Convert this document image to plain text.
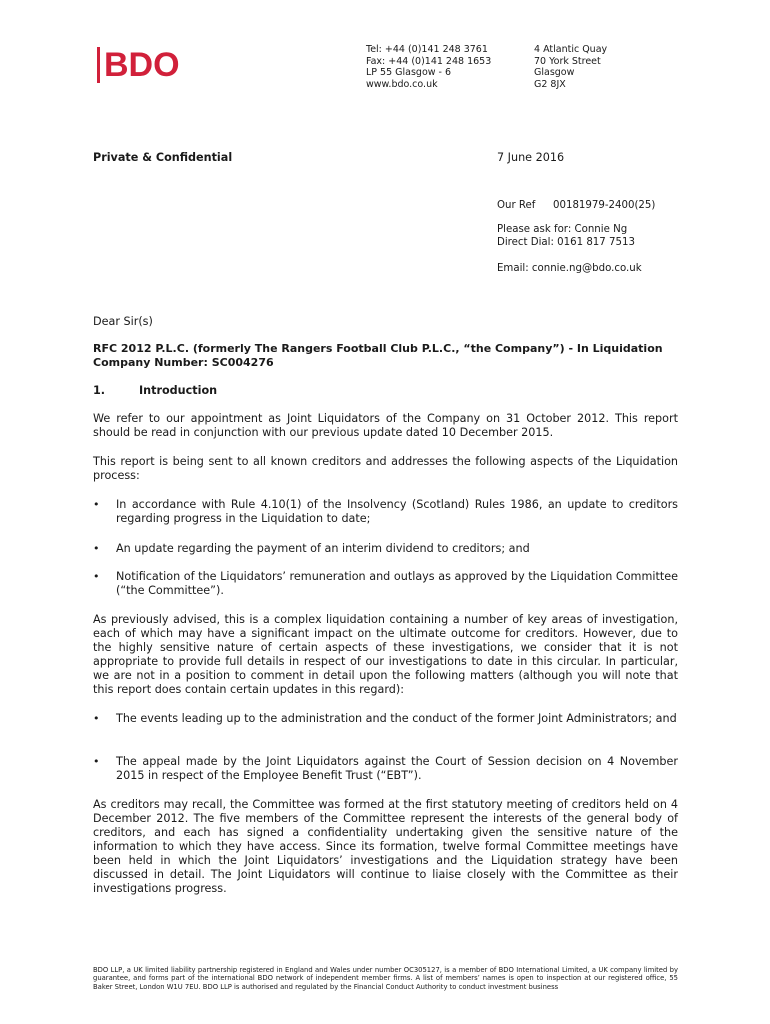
BDO	Tel: +44 (0)141 248 3761
Fax: +44 (0)141 248 1653
LP 55 Glasgow - 6
www.bdo.co.uk
4 Atlantic Quay
70 York Street
Glasgow
G2 8JX
Private & Confidential	7 June 2016
Our Ref 00181979-2400(25)
Please ask for: Connie Ng
Direct Dial: 0161 817 7513
Email: connie.ng@bdo.co.uk
Dear Sir(s)
RFC 2012 P.L.C. (formerly The Rangers Football Club P.L.C., “the Company”) - In Liquidation
Company Number: SC004276
1.	Introduction
We refer to our appointment as Joint Liquidators of the Company on 31 October 2012. This report should be read in conjunction with our previous update dated 10 December 2015.
This report is being sent to all known creditors and addresses the following aspects of the Liquidation process:
• In accordance with Rule 4.10(1) of the Insolvency (Scotland) Rules 1986, an update to creditors regarding progress in the Liquidation to date;
• An update regarding the payment of an interim dividend to creditors; and
• Notification of the Liquidators’ remuneration and outlays as approved by the Liquidation Committee (“the Committee”).
As previously advised, this is a complex liquidation containing a number of key areas of investigation, each of which may have a significant impact on the ultimate outcome for creditors. However, due to the highly sensitive nature of certain aspects of these investigations, we consider that it is not appropriate to provide full details in respect of our investigations to date in this circular. In particular, we are not in a position to comment in detail upon the following matters (although you will note that this report does contain certain updates in this regard):
• The events leading up to the administration and the conduct of the former Joint Administrators; and
• The appeal made by the Joint Liquidators against the Court of Session decision on 4 November 2015 in respect of the Employee Benefit Trust (“EBT”).
As creditors may recall, the Committee was formed at the first statutory meeting of creditors held on 4 December 2012. The five members of the Committee represent the interests of the general body of creditors, and each has signed a confidentiality undertaking given the sensitive nature of the information to which they have access. Since its formation, twelve formal Committee meetings have been held in which the Joint Liquidators’ investigations and the Liquidation strategy have been discussed in detail. The Joint Liquidators will continue to liaise closely with the Committee as their investigations progress.
BDO LLP, a UK limited liability partnership registered in England and Wales under number OC305127, is a member of BDO International Limited, a UK company limited by guarantee, and forms part of the international BDO network of independent member firms. A list of members’ names is open to inspection at our registered office, 55 Baker Street, London W1U 7EU. BDO LLP is authorised and regulated by the Financial Conduct Authority to conduct investment business
